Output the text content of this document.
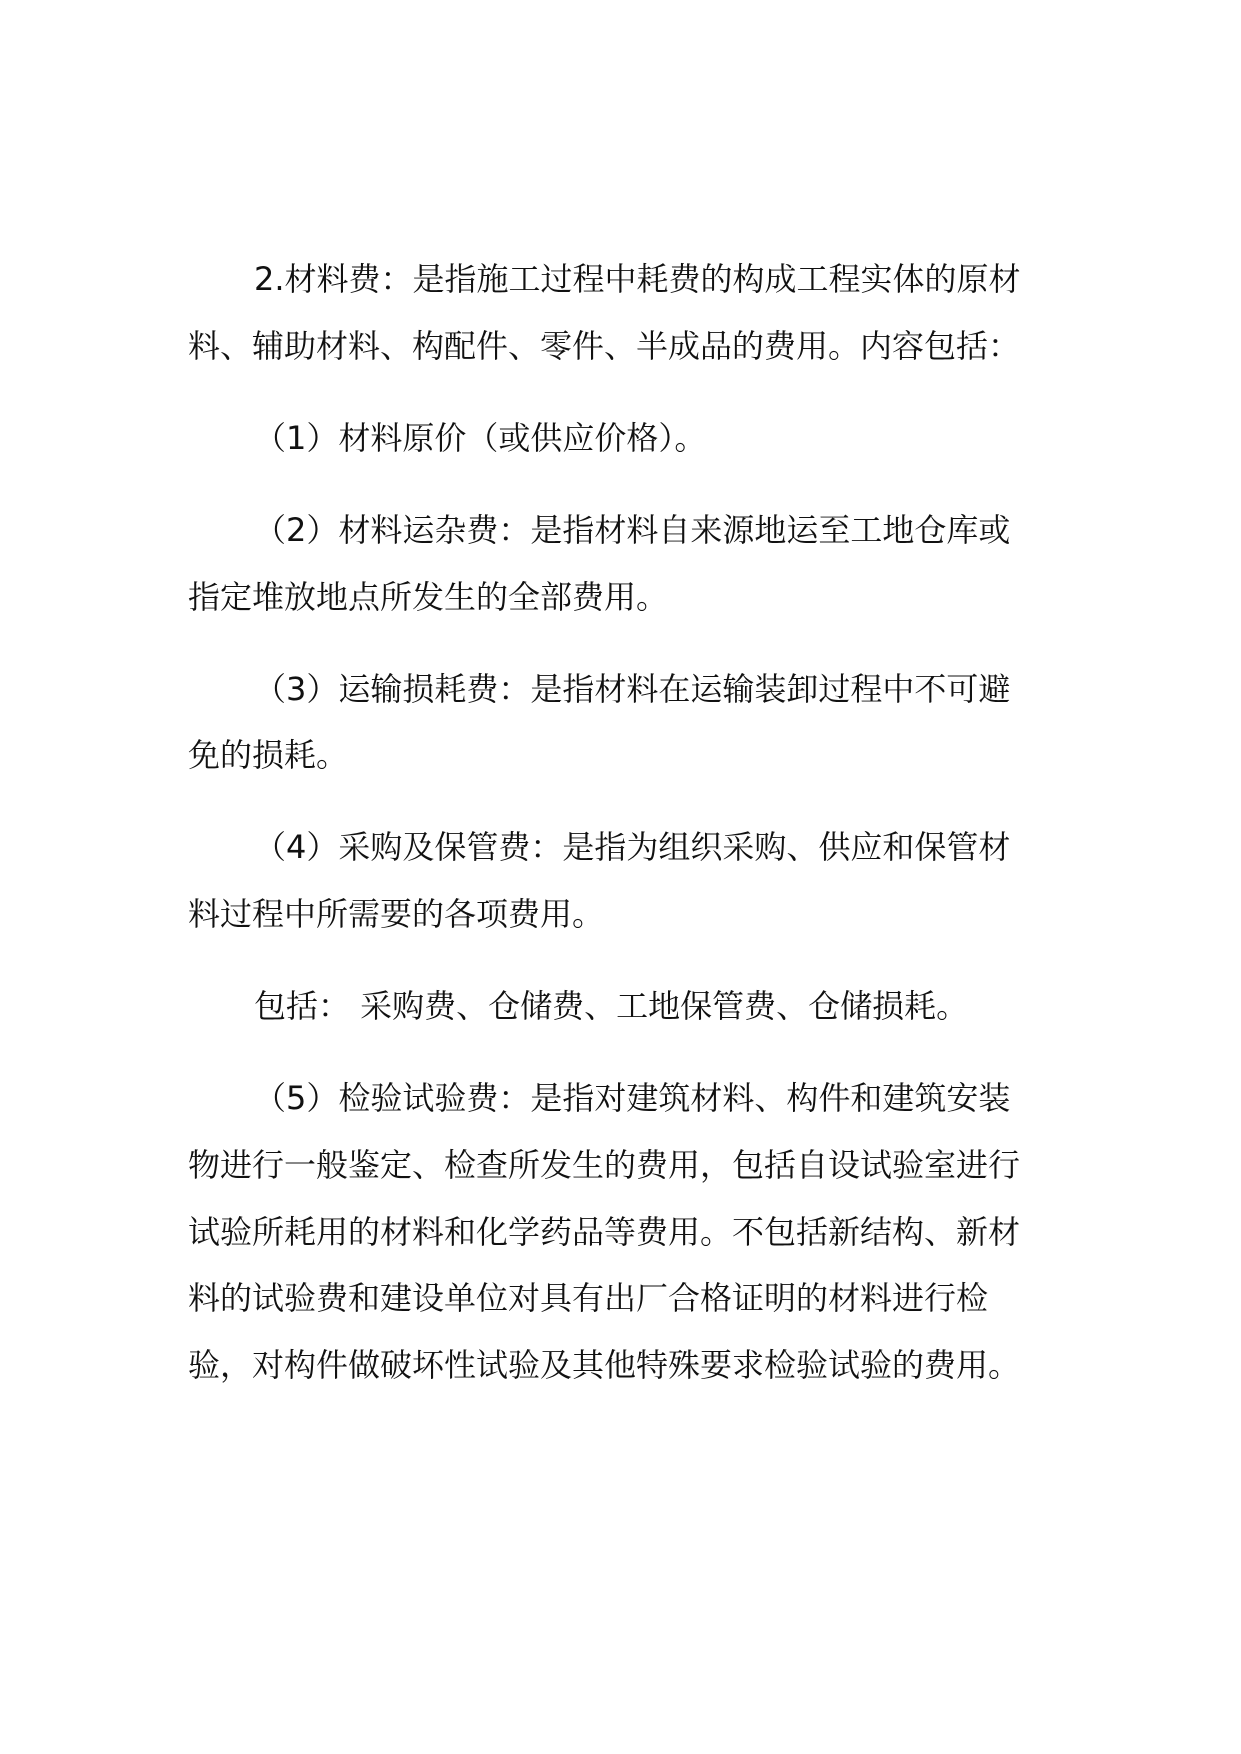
2.材料费：是指施工过程中耗费的构成工程实体的原材
料、辅助材料、构配件、零件、半成品的费用。内容包括：
（1）材料原价（或供应价格）。
（2）材料运杂费：是指材料自来源地运至工地仓库或
指定堆放地点所发生的全部费用。
（3）运输损耗费：是指材料在运输装卸过程中不可避
免的损耗。
（4）采购及保管费：是指为组织采购、供应和保管材
料过程中所需要的各项费用。
包括： 采购费、仓储费、工地保管费、仓储损耗。
（5）检验试验费：是指对建筑材料、构件和建筑安装
物进行一般鉴定、检查所发生的费用，包括自设试验室进行
试验所耗用的材料和化学药品等费用。不包括新结构、新材
料的试验费和建设单位对具有出厂合格证明的材料进行检
验，对构件做破坏性试验及其他特殊要求检验试验的费用。
